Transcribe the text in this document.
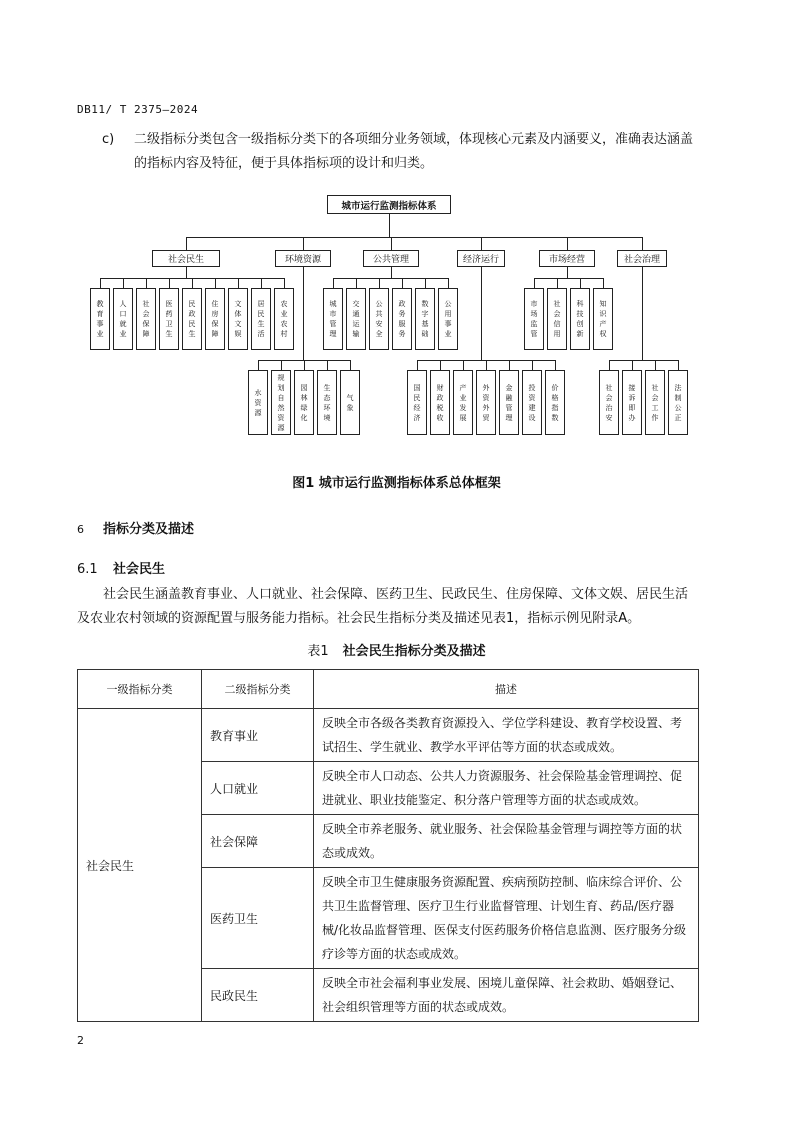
DB11/ T 2375—2024
c) 二级指标分类包含一级指标分类下的各项细分业务领域，体现核心元素及内涵要义，准确表达涵盖的指标内容及特征，便于具体指标项的设计和归类。
城市运行监测指标体系
社会民生
教
育
事
业
人
口
就
业
社
会
保
障
医
药
卫
生
民
政
民
生
住
房
保
障
文
体
文
娱
居
民
生
活
农
业
农
村
环境资源
水
资
源
规
划
自
然
资
源
园
林
绿
化
生
态
环
境
气
象
公共管理
城
市
管
理
交
通
运
输
公
共
安
全
政
务
服
务
数
字
基
础
公
用
事
业
经济运行
国
民
经
济
财
政
税
收
产
业
发
展
外
资
外
贸
金
融
管
理
投
资
建
设
价
格
指
数
市场经营
市
场
监
管
社
会
信
用
科
技
创
新
知
识
产
权
社会治理
社
会
治
安
接
诉
即
办
社
会
工
作
法
制
公
正
图1 城市运行监测指标体系总体框架
6 指标分类及描述
6.1 社会民生
社会民生涵盖教育事业、人口就业、社会保障、医药卫生、民政民生、住房保障、文体文娱、居民生活及农业农村领域的资源配置与服务能力指标。社会民生指标分类及描述见表1，指标示例见附录A。
表1 社会民生指标分类及描述
一级指标分类	二级指标分类	描述
社会民生	教育事业	反映全市各级各类教育资源投入、学位学科建设、教育学校设置、考试招生、学生就业、教学水平评估等方面的状态或成效。
	人口就业	反映全市人口动态、公共人力资源服务、社会保险基金管理调控、促进就业、职业技能鉴定、积分落户管理等方面的状态或成效。
	社会保障	反映全市养老服务、就业服务、社会保险基金管理与调控等方面的状态或成效。
	医药卫生	反映全市卫生健康服务资源配置、疾病预防控制、临床综合评价、公共卫生监督管理、医疗卫生行业监督管理、计划生育、药品/医疗器械/化妆品监督管理、医保支付医药服务价格信息监测、医疗服务分级疗诊等方面的状态或成效。
	民政民生	反映全市社会福利事业发展、困境儿童保障、社会救助、婚姻登记、社会组织管理等方面的状态或成效。
2
